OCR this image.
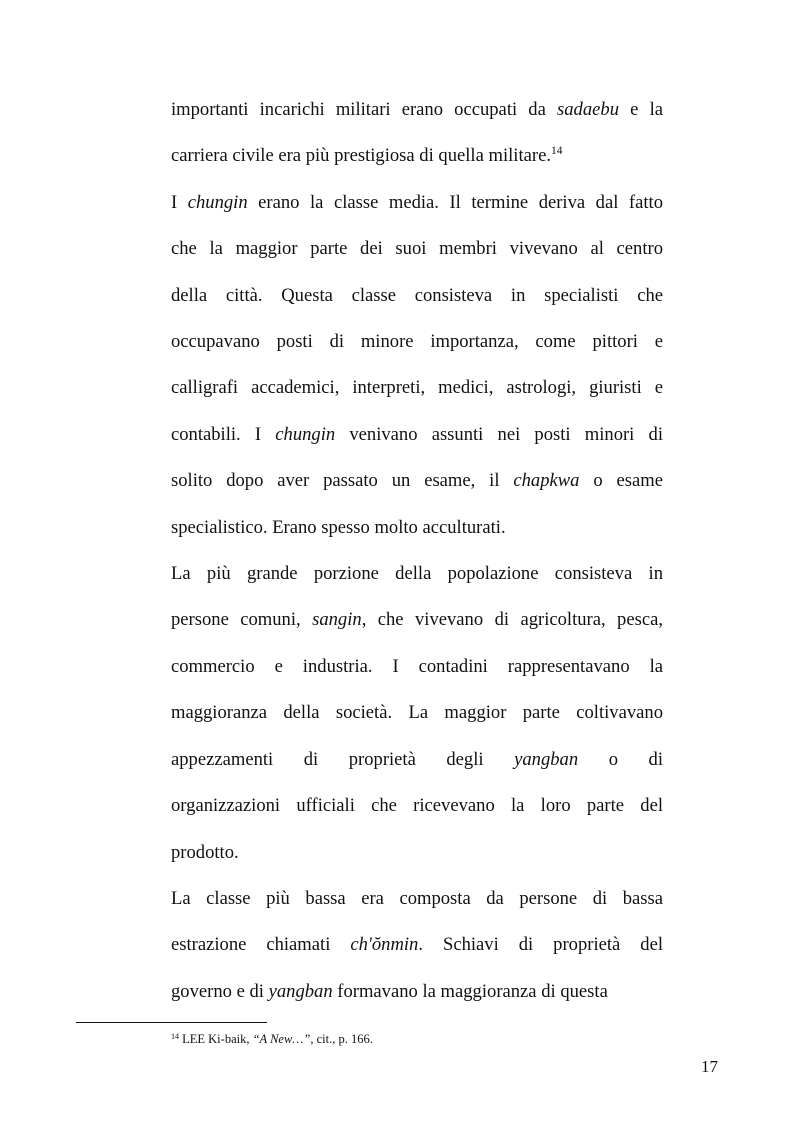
importanti incarichi militari erano occupati da sadaebu e la
carriera civile era più prestigiosa di quella militare.$^{14}$
I chungin erano la classe media. Il termine deriva dal fatto
che la maggior parte dei suoi membri vivevano al centro
della città. Questa classe consisteva in specialisti che
occupavano posti di minore importanza, come pittori e
calligrafi accademici, interpreti, medici, astrologi, giuristi e
contabili. I chungin venivano assunti nei posti minori di
solito dopo aver passato un esame, il chapkwa o esame
specialistico. Erano spesso molto acculturati.
La più grande porzione della popolazione consisteva in
persone comuni, sangin, che vivevano di agricoltura, pesca,
commercio e industria. I contadini rappresentavano la
maggioranza della società. La maggior parte coltivavano
appezzamenti di proprietà degli yangban o di
organizzazioni ufficiali che ricevevano la loro parte del
prodotto.
La classe più bassa era composta da persone di bassa
estrazione chiamati ch'ŏnmin. Schiavi di proprietà del
governo e di yangban formavano la maggioranza di questa
$^{14}$ LEE Ki-baik, “A New…”, cit., p. 166.
17
